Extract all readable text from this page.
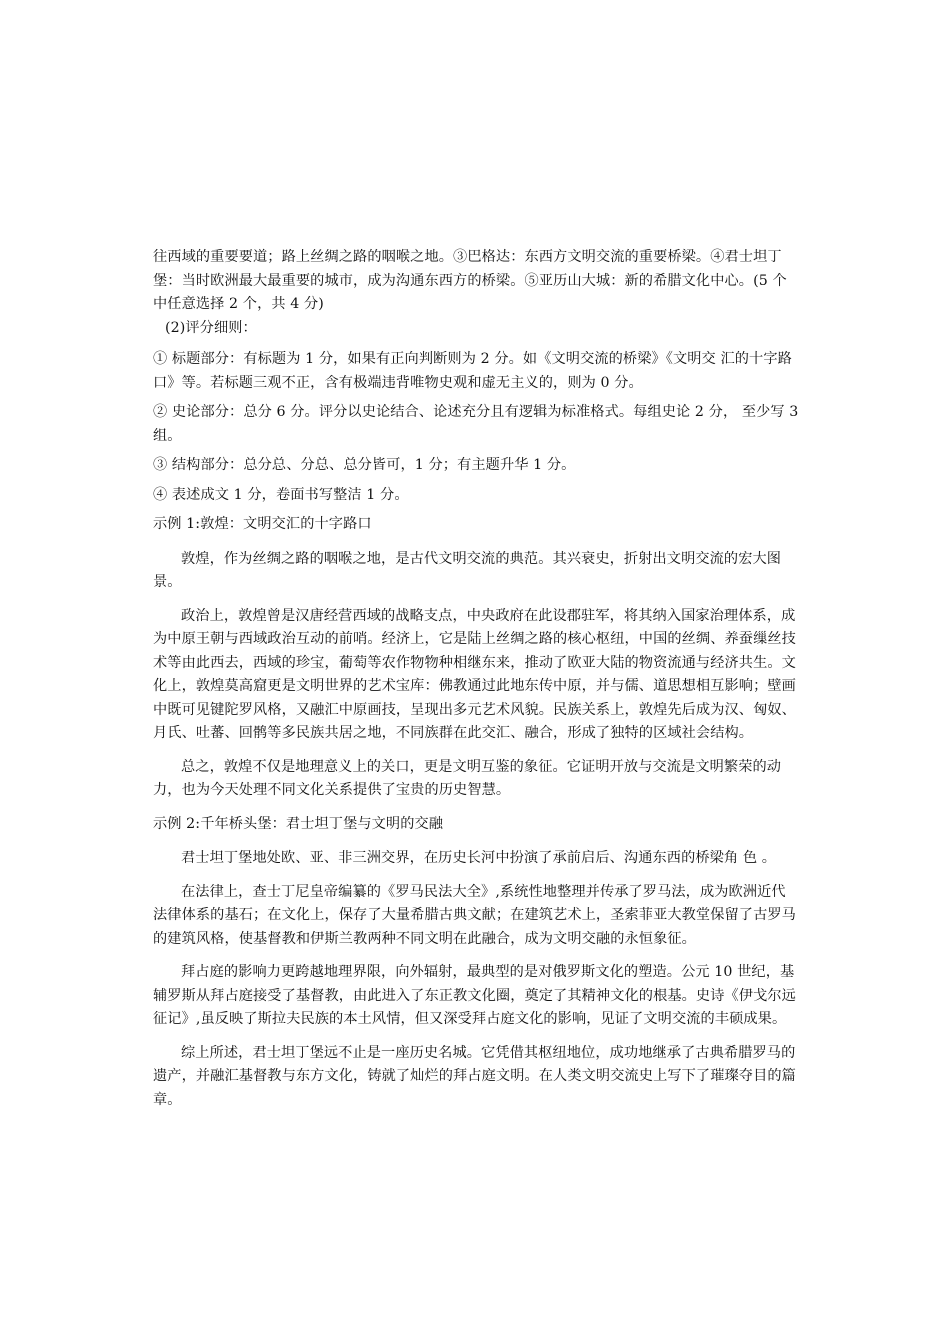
往西域的重要要道；路上丝绸之路的咽喉之地。③巴格达：东西方文明交流的重要桥梁。④君士坦丁堡：当时欧洲最大最重要的城市，成为沟通东西方的桥梁。⑤亚历山大城：新的希腊文化中心。(5 个中任意选择 2 个，共 4 分)

(2)评分细则：

① 标题部分：有标题为 1 分，如果有正向判断则为 2 分。如《文明交流的桥梁》《文明交 汇的十字路口》等。若标题三观不正，含有极端违背唯物史观和虚无主义的，则为 0 分。

② 史论部分：总分 6 分。评分以史论结合、论述充分且有逻辑为标准格式。每组史论 2 分， 至少写 3 组。

③ 结构部分：总分总、分总、总分皆可，1 分；有主题升华 1 分。

④ 表述成文 1 分，卷面书写整洁 1 分。

示例 1:敦煌：文明交汇的十字路口

敦煌，作为丝绸之路的咽喉之地，是古代文明交流的典范。其兴衰史，折射出文明交流的宏大图景。

政治上，敦煌曾是汉唐经营西域的战略支点，中央政府在此设郡驻军，将其纳入国家治理体系，成为中原王朝与西域政治互动的前哨。经济上，它是陆上丝绸之路的核心枢纽，中国的丝绸、养蚕缫丝技术等由此西去，西域的珍宝，葡萄等农作物物种相继东来，推动了欧亚大陆的物资流通与经济共生。文化上，敦煌莫高窟更是文明世界的艺术宝库：佛教通过此地东传中原，并与儒、道思想相互影响；壁画中既可见键陀罗风格，又融汇中原画技，呈现出多元艺术风貌。民族关系上，敦煌先后成为汉、匈奴、月氏、吐蕃、回鹘等多民族共居之地，不同族群在此交汇、融合，形成了独特的区域社会结构。

总之，敦煌不仅是地理意义上的关口，更是文明互鉴的象征。它证明开放与交流是文明繁荣的动力，也为今天处理不同文化关系提供了宝贵的历史智慧。

示例 2:千年桥头堡：君士坦丁堡与文明的交融

君士坦丁堡地处欧、亚、非三洲交界，在历史长河中扮演了承前启后、沟通东西的桥梁角 色 。

在法律上，查士丁尼皇帝编纂的《罗马民法大全》,系统性地整理并传承了罗马法，成为欧洲近代法律体系的基石；在文化上，保存了大量希腊古典文献；在建筑艺术上，圣索菲亚大教堂保留了古罗马的建筑风格，使基督教和伊斯兰教两种不同文明在此融合，成为文明交融的永恒象征。

拜占庭的影响力更跨越地理界限，向外辐射，最典型的是对俄罗斯文化的塑造。公元 10 世纪，基辅罗斯从拜占庭接受了基督教，由此进入了东正教文化圈，奠定了其精神文化的根基。史诗《伊戈尔远征记》,虽反映了斯拉夫民族的本土风情，但又深受拜占庭文化的影响，见证了文明交流的丰硕成果。

综上所述，君士坦丁堡远不止是一座历史名城。它凭借其枢纽地位，成功地继承了古典希腊罗马的遗产，并融汇基督教与东方文化，铸就了灿烂的拜占庭文明。在人类文明交流史上写下了璀璨夺目的篇章。
